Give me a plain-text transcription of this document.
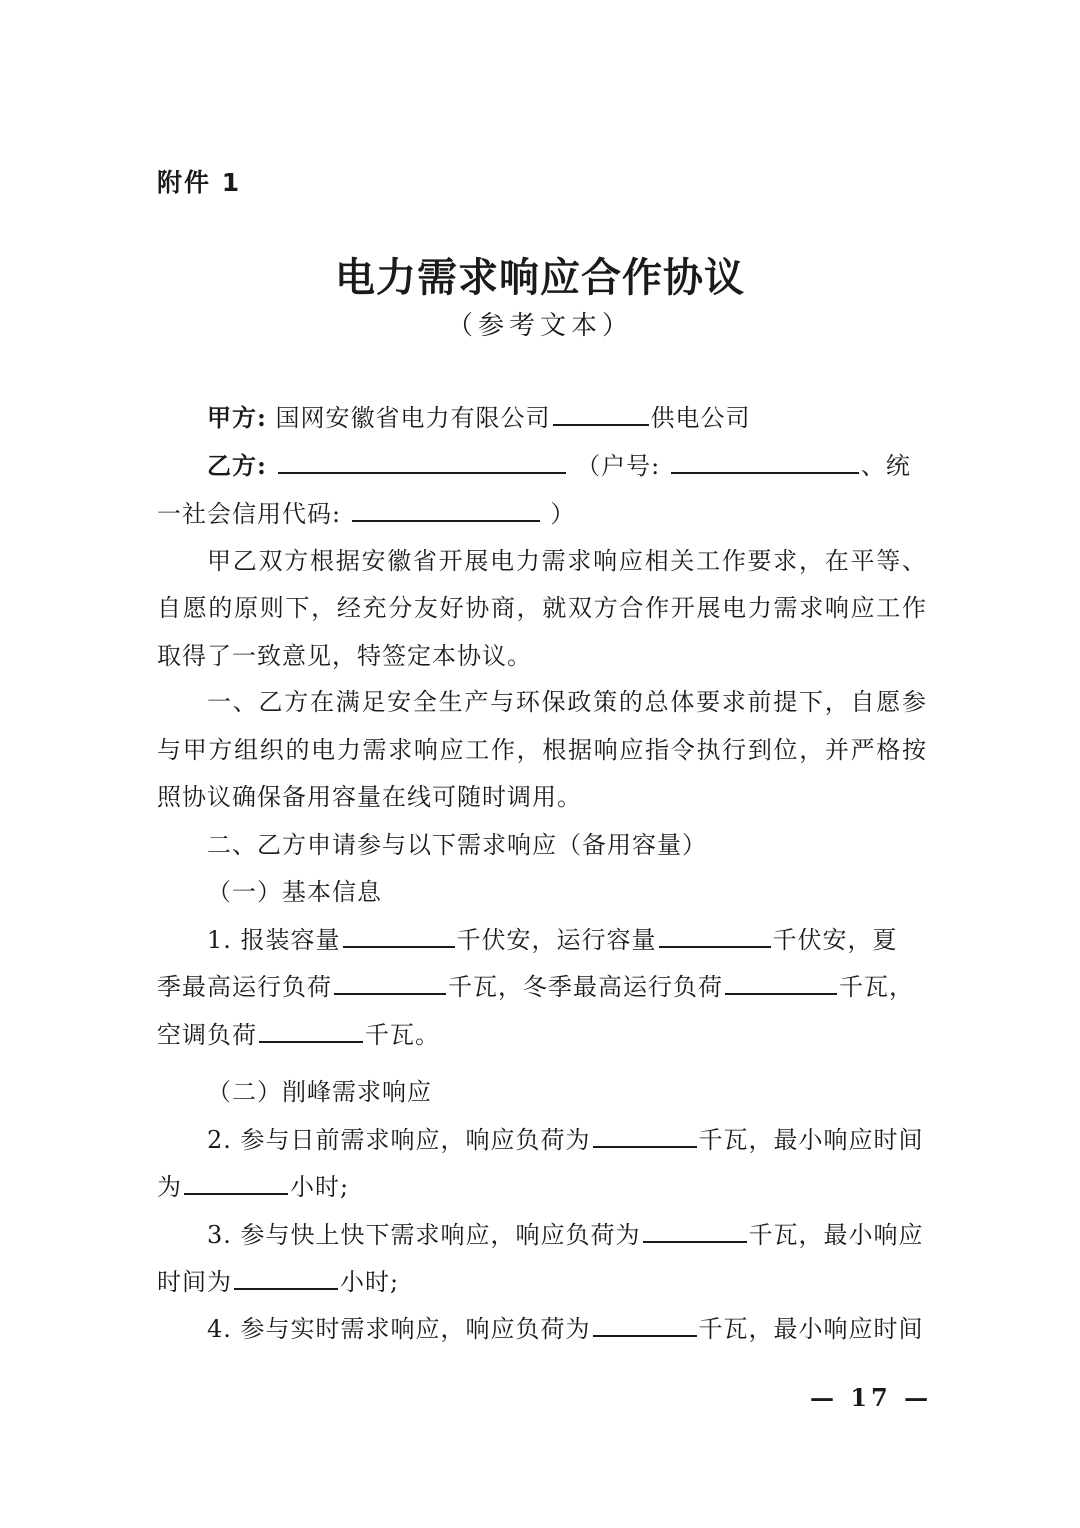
附件 1
电力需求响应合作协议
（参考文本）
甲方: 国网安徽省电力有限公司	供电公司
乙方:	（户号:	、统
一社会信用代码:	）
甲乙双方根据安徽省开展电力需求响应相关工作要求，在平等、
自愿的原则下，经充分友好协商，就双方合作开展电力需求响应工作
取得了一致意见，特签定本协议。
一、乙方在满足安全生产与环保政策的总体要求前提下，自愿参
与甲方组织的电力需求响应工作，根据响应指令执行到位，并严格按
照协议确保备用容量在线可随时调用。
二、乙方申请参与以下需求响应（备用容量）
（一）基本信息
1. 报装容量	千伏安，运行容量	千伏安，夏
季最高运行负荷	千瓦，冬季最高运行负荷	千瓦，
空调负荷	千瓦。
（二）削峰需求响应
2. 参与日前需求响应，响应负荷为	千瓦，最小响应时间
为	小时;
3. 参与快上快下需求响应，响应负荷为	千瓦，最小响应
时间为	小时;
4. 参与实时需求响应，响应负荷为	千瓦，最小响应时间
— 17 —
